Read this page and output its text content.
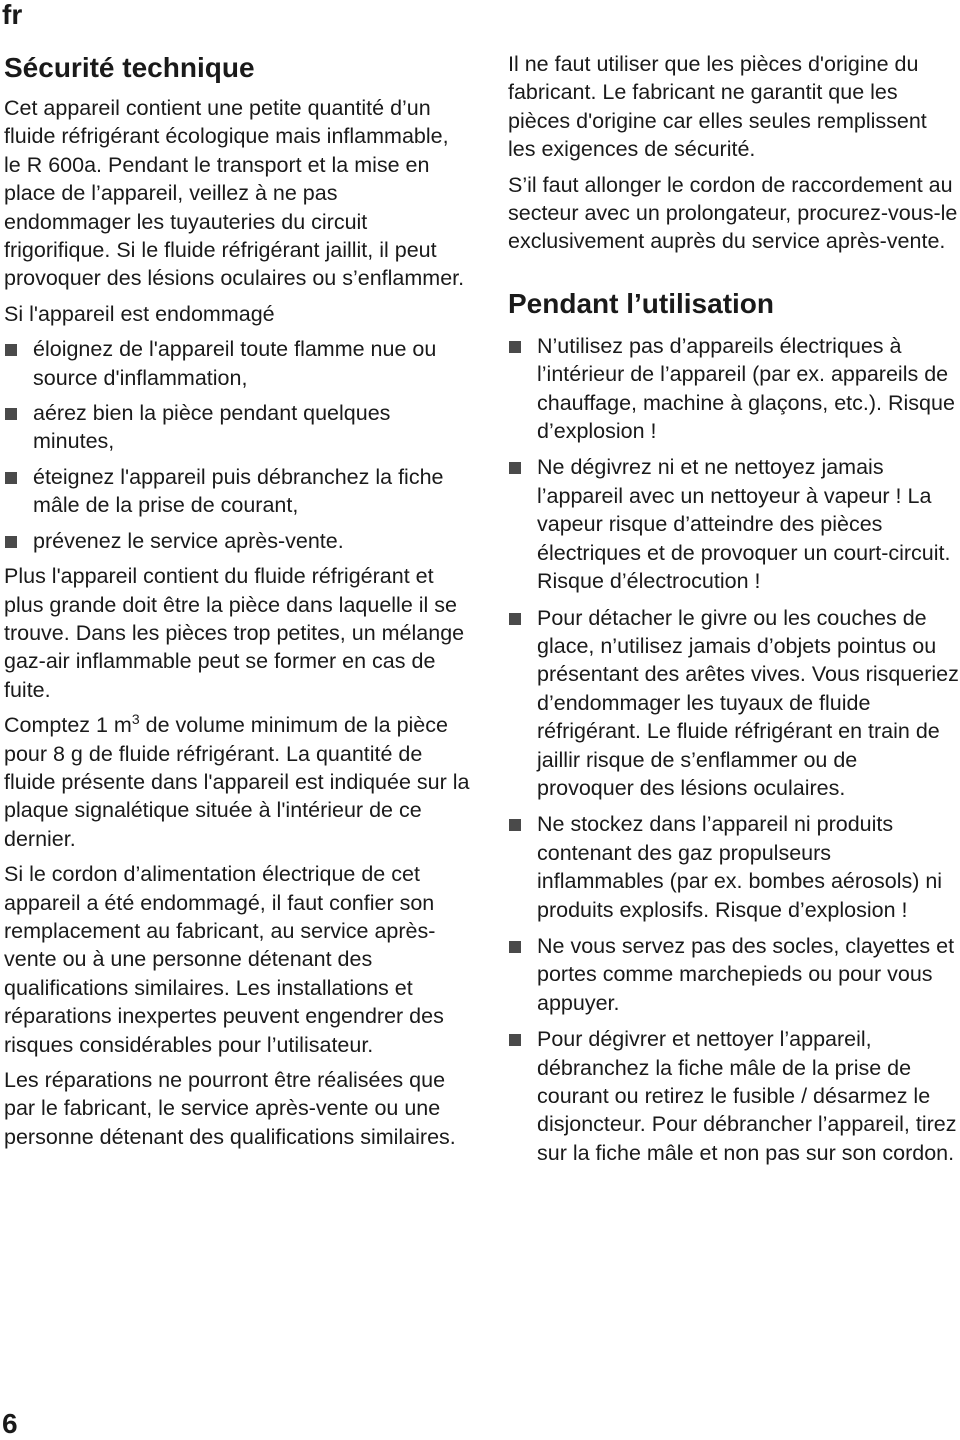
fr
Sécurité technique

Cet appareil contient une petite quantité d’un fluide réfrigérant écologique mais inflammable, le R 600a. Pendant le transport et la mise en place de l’appareil, veillez à ne pas endommager les tuyauteries du circuit frigorifique. Si le fluide réfrigérant jaillit, il peut provoquer des lésions oculaires ou s’enflammer.

Si l'appareil est endommagé

éloignez de l'appareil toute flamme nue ou source d'inflammation,
aérez bien la pièce pendant quelques minutes,
éteignez l'appareil puis débranchez la fiche mâle de la prise de courant,
prévenez le service après-vente.

Plus l'appareil contient du fluide réfrigérant et plus grande doit être la pièce dans laquelle il se trouve. Dans les pièces trop petites, un mélange gaz-air inflammable peut se former en cas de fuite.

Comptez 1 $m^3$ de volume minimum de la pièce pour 8 g de fluide réfrigérant. La quantité de fluide présente dans l'appareil est indiquée sur la plaque signalétique située à l'intérieur de ce dernier.

Si le cordon d’alimentation électrique de cet appareil a été endommagé, il faut confier son remplacement au fabricant, au service après-vente ou à une personne détenant des qualifications similaires. Les installations et réparations inexpertes peuvent engendrer des risques considérables pour l’utilisateur.

Les réparations ne pourront être réalisées que par le fabricant, le service après-vente ou une personne détenant des qualifications similaires.

Il ne faut utiliser que les pièces d'origine du fabricant. Le fabricant ne garantit que les pièces d'origine car elles seules remplissent les exigences de sécurité.

S’il faut allonger le cordon de raccordement au secteur avec un prolongateur, procurez-vous-le exclusivement auprès du service après-vente.

Pendant l’utilisation
N’utilisez pas d’appareils électriques à l’intérieur de l’appareil (par ex. appareils de chauffage, machine à glaçons, etc.). Risque d’explosion !
Ne dégivrez ni et ne nettoyez jamais l’appareil avec un nettoyeur à vapeur ! La vapeur risque d’atteindre des pièces électriques et de provoquer un court-circuit. Risque d’électrocution !
Pour détacher le givre ou les couches de glace, n’utilisez jamais d’objets pointus ou présentant des arêtes vives. Vous risqueriez d’endommager les tuyaux de fluide réfrigérant. Le fluide réfrigérant en train de jaillir risque de s’enflammer ou de provoquer des lésions oculaires.
Ne stockez dans l’appareil ni produits contenant des gaz propulseurs inflammables (par ex. bombes aérosols) ni produits explosifs. Risque d’explosion !
Ne vous servez pas des socles, clayettes et portes comme marchepieds ou pour vous appuyer.
Pour dégivrer et nettoyer l’appareil, débranchez la fiche mâle de la prise de courant ou retirez le fusible / désarmez le disjoncteur. Pour débrancher l’appareil, tirez sur la fiche mâle et non pas sur son cordon.
6
